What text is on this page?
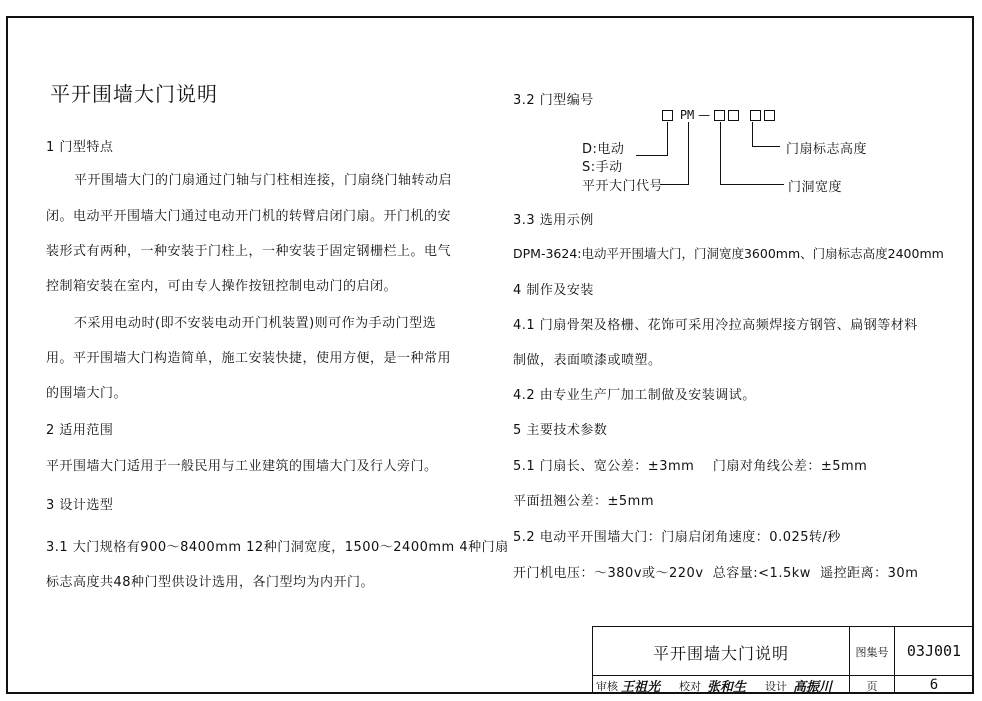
平开围墙大门说明
1 门型特点
平开围墙大门的门扇通过门轴与门柱相连接，门扇绕门轴转动启
闭。电动平开围墙大门通过电动开门机的转臂启闭门扇。开门机的安
装形式有两种，一种安装于门柱上，一种安装于固定钢栅栏上。电气
控制箱安装在室内，可由专人操作按钮控制电动门的启闭。
不采用电动时(即不安装电动开门机装置)则可作为手动门型选
用。平开围墙大门构造简单，施工安装快捷，使用方便，是一种常用
的围墙大门。
2 适用范围
平开围墙大门适用于一般民用与工业建筑的围墙大门及行人旁门。
3 设计选型
3.1 大门规格有900～8400mm 12种门洞宽度，1500～2400mm 4种门扇
标志高度共48种门型供设计选用，各门型均为内开门。
3.2 门型编号
PM —
D:电动
S:手动
平开大门代号
门扇标志高度
门洞宽度
3.3 选用示例
DPM-3624:电动平开围墙大门，门洞宽度3600mm、门扇标志高度2400mm
4 制作及安装
4.1 门扇骨架及格栅、花饰可采用冷拉高频焊接方钢管、扁钢等材料
制做，表面喷漆或喷塑。
4.2 由专业生产厂加工制做及安装调试。
5 主要技术参数
5.1 门扇长、宽公差：±3mm    门扇对角线公差：±5mm
平面扭翘公差：±5mm
5.2 电动平开围墙大门：门扇启闭角速度：0.025转/秒
开门机电压：～380v或～220v  总容量:<1.5kw  遥控距离：30m
平开围墙大门说明	图集号	03J001
审核 王祖光 校对 张和生 设计 高振川	页	6
